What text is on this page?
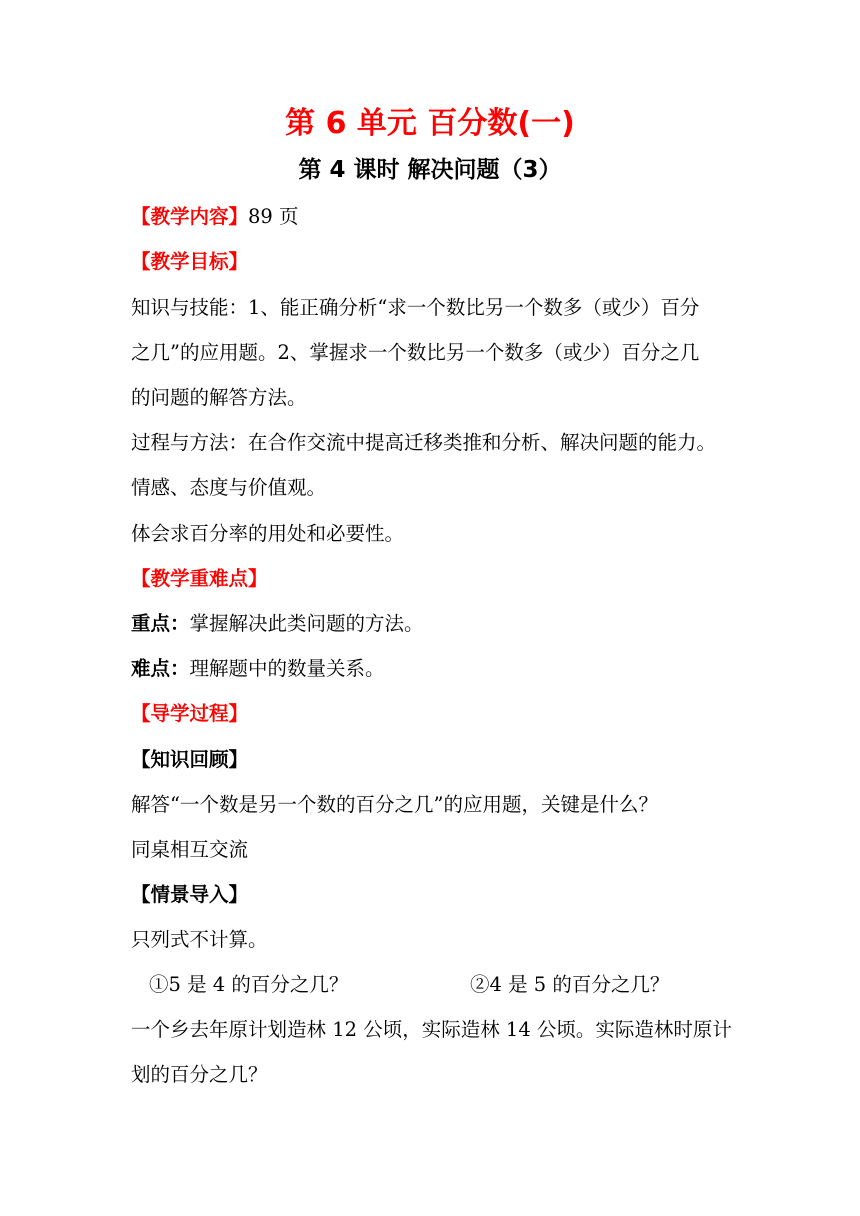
第 6 单元 百分数(一)
第 4 课时 解决问题（3）
【教学内容】89 页
【教学目标】
知识与技能：1、能正确分析“求一个数比另一个数多（或少）百分
之几”的应用题。2、掌握求一个数比另一个数多（或少）百分之几
的问题的解答方法。
过程与方法：在合作交流中提高迁移类推和分析、解决问题的能力。
情感、态度与价值观。
体会求百分率的用处和必要性。
【教学重难点】
重点：掌握解决此类问题的方法。
难点：理解题中的数量关系。
【导学过程】
【知识回顾】
解答“一个数是另一个数的百分之几”的应用题，关键是什么？
同桌相互交流
【情景导入】
只列式不计算。
①5 是 4 的百分之几？	②4 是 5 的百分之几？
一个乡去年原计划造林 12 公顷，实际造林 14 公顷。实际造林时原计
划的百分之几？
